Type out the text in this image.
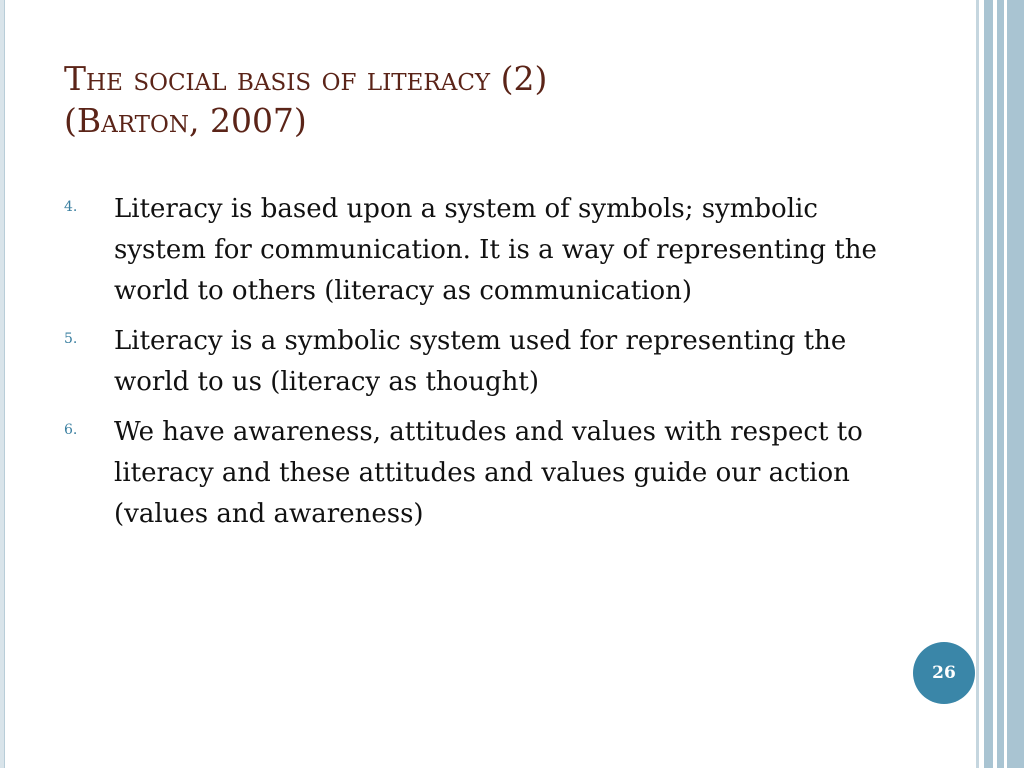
The social basis of literacy (2)
(Barton, 2007)
4. Literacy is based upon a system of symbols; symbolic system for communication. It is a way of representing the world to others (literacy as communication)
5. Literacy is a symbolic system used for representing the world to us (literacy as thought)
6. We have awareness, attitudes and values with respect to literacy and these attitudes and values guide our action (values and awareness)
26
